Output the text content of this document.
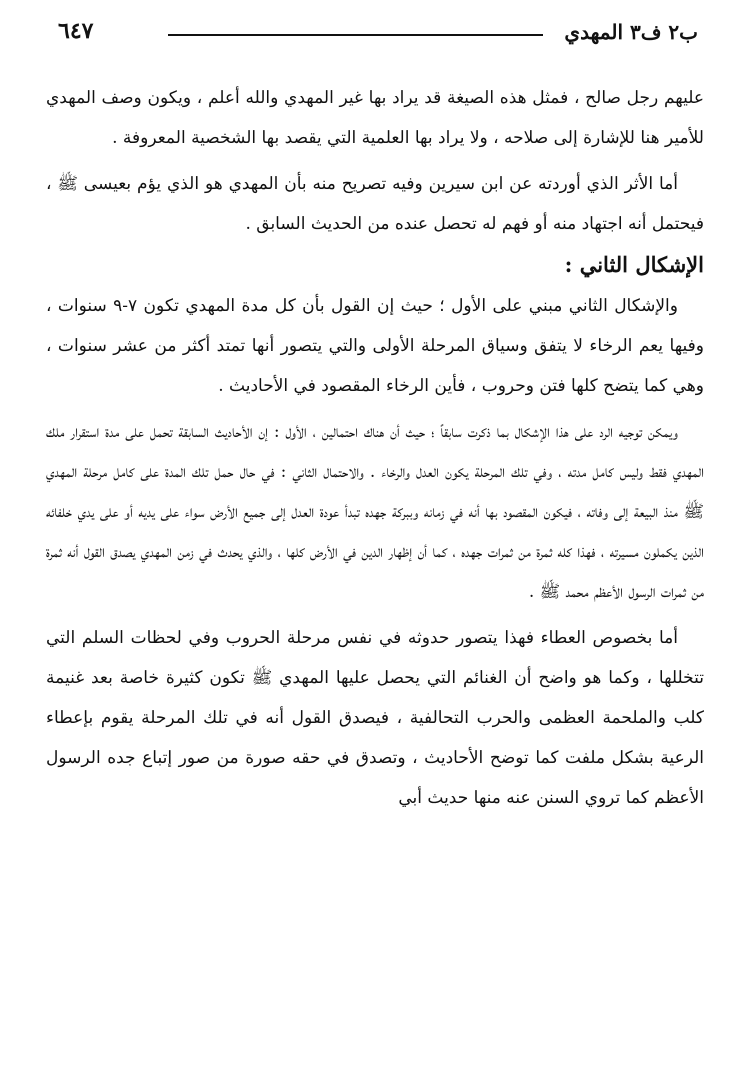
ب٢ ف٣ المهدي
٦٤٧

عليهم رجل صالح ، فمثل هذه الصيغة قد يراد بها غير المهدي والله أعلم ، ويكون وصف المهدي للأمير هنا للإشارة إلى صلاحه ، ولا يراد بها العلمية التي يقصد بها الشخصية المعروفة .

أما الأثر الذي أوردته عن ابن سيرين وفيه تصريح منه بأن المهدي هو الذي يؤم بعيسى ﷺ ، فيحتمل أنه اجتهاد منه أو فهم له تحصل عنده من الحديث السابق .

الإشكال الثاني :

والإشكال الثاني مبني على الأول ؛ حيث إن القول بأن كل مدة المهدي تكون ٧-٩ سنوات ، وفيها يعم الرخاء لا يتفق وسياق المرحلة الأولى والتي يتصور أنها تمتد أكثر من عشر سنوات ، وهي كما يتضح كلها فتن وحروب ، فأين الرخاء المقصود في الأحاديث .

ويمكن توجيه الرد على هذا الإشكال بما ذكرت سابقاً ؛ حيث أن هناك احتمالين ، الأول : إن الأحاديث السابقة تحمل على مدة استقرار ملك المهدي فقط وليس كامل مدته ، وفي تلك المرحلة يكون العدل والرخاء . والاحتمال الثاني : في حال حمل تلك المدة على كامل مرحلة المهدي ﷺ منذ البيعة إلى وفاته ، فيكون المقصود بها أنه في زمانه وببركة جهده تبدأ عودة العدل إلى جميع الأرض سواء على يديه أو على يدي خلفائه الذين يكملون مسيرته ، فهذا كله ثمرة من ثمرات جهده ، كما أن إظهار الدين في الأرض كلها ، والذي يحدث في زمن المهدي يصدق القول أنه ثمرة من ثمرات الرسول الأعظم محمد ﷺ .

أما بخصوص العطاء فهذا يتصور حدوثه في نفس مرحلة الحروب وفي لحظات السلم التي تتخللها ، وكما هو واضح أن الغنائم التي يحصل عليها المهدي ﷺ تكون كثيرة خاصة بعد غنيمة كلب والملحمة العظمى والحرب التحالفية ، فيصدق القول أنه في تلك المرحلة يقوم بإعطاء الرعية بشكل ملفت كما توضح الأحاديث ، وتصدق في حقه صورة من صور إتباع جده الرسول الأعظم كما تروي السنن عنه منها حديث أبي
